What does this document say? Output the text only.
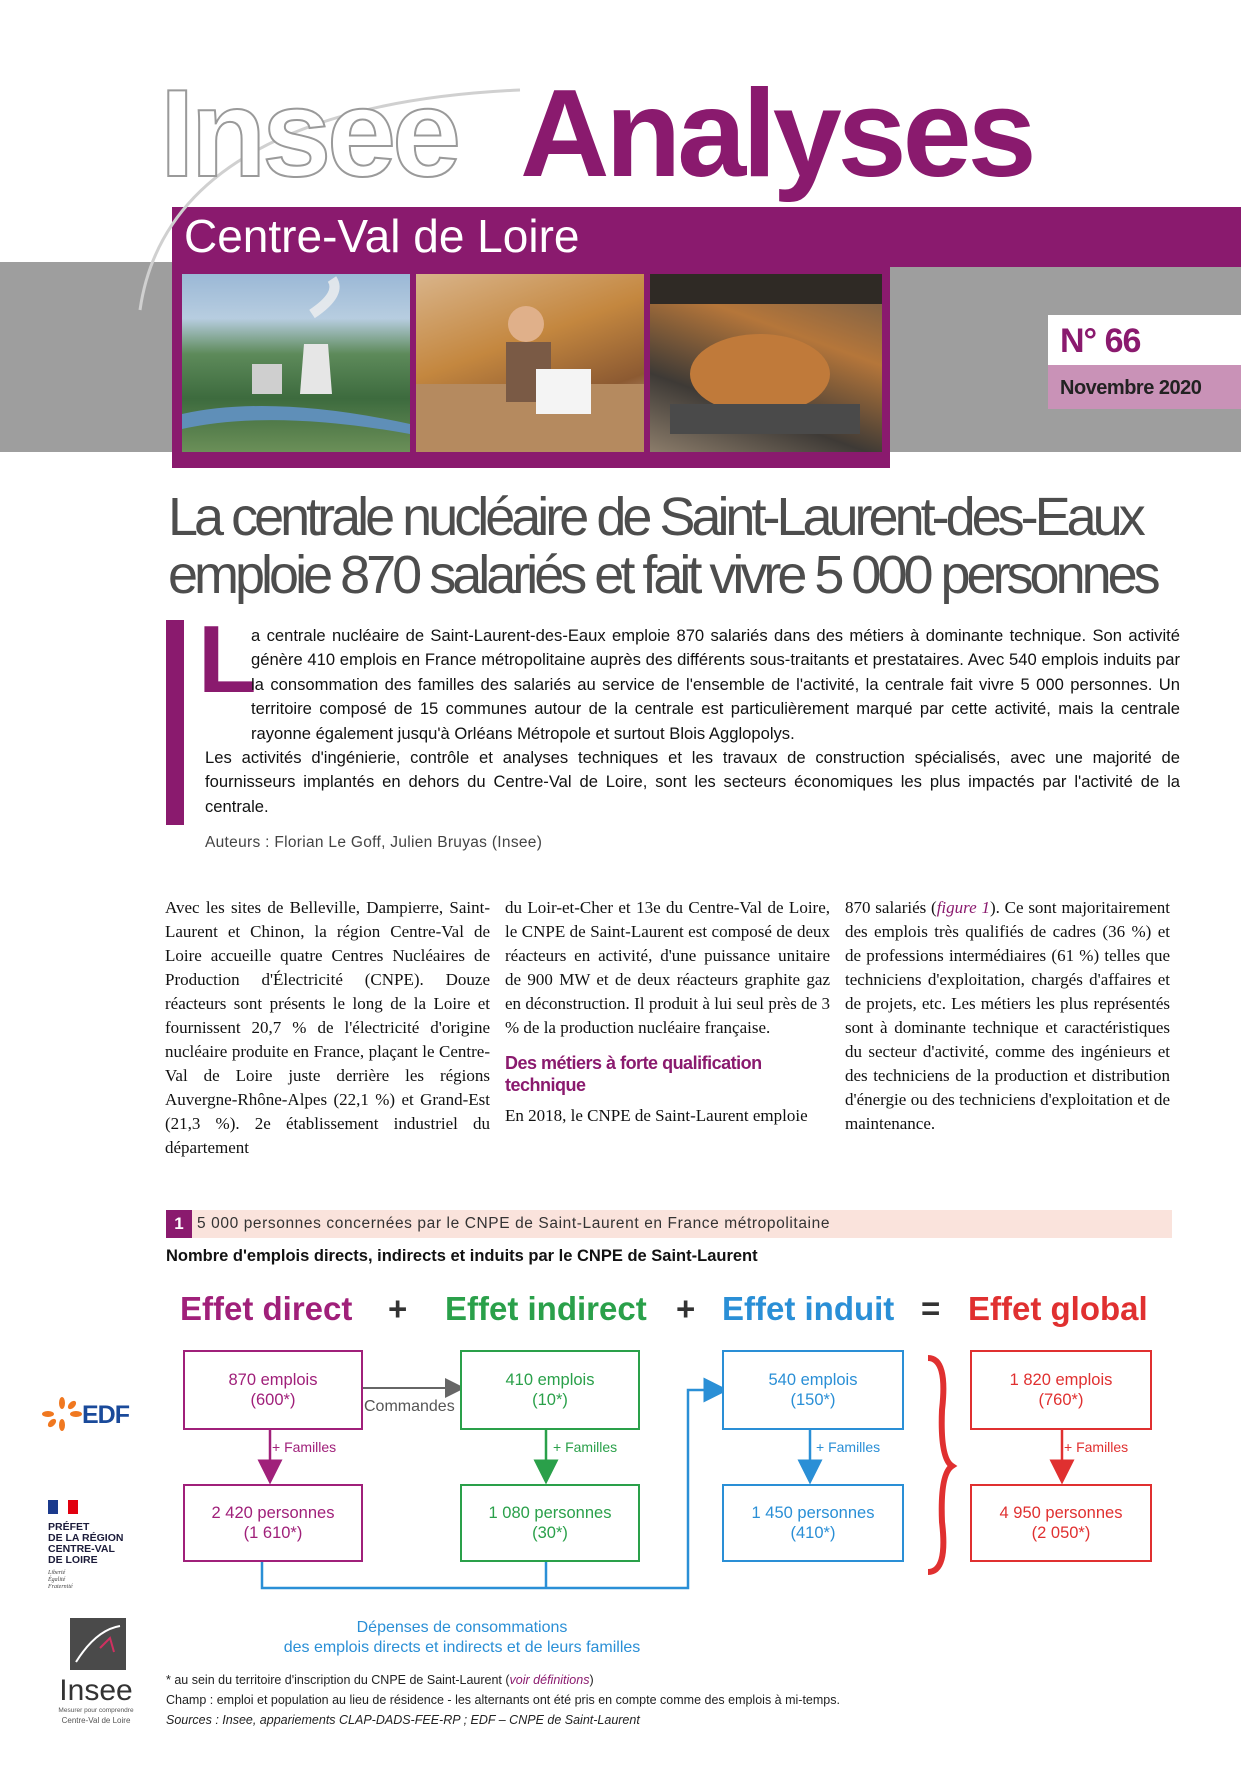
Insee Analyses
Centre-Val de Loire
N° 66
Novembre 2020
La centrale nucléaire de Saint-Laurent-des-Eaux
emploie 870 salariés et fait vivre 5 000 personnes
L
a centrale nucléaire de Saint-Laurent-des-Eaux emploie 870 salariés dans des métiers à dominante technique. Son activité génère 410 emplois en France métropolitaine auprès des différents sous-traitants et prestataires. Avec 540 emplois induits par la consommation des familles des salariés au service de l'ensemble de l'activité, la centrale fait vivre 5 000 personnes. Un territoire composé de 15 communes autour de la centrale est particulièrement marqué par cette activité, mais la centrale rayonne également jusqu'à Orléans Métropole et surtout Blois Agglopolys.
Les activités d'ingénierie, contrôle et analyses techniques et les travaux de construction spécialisés, avec une majorité de fournisseurs implantés en dehors du Centre-Val de Loire, sont les secteurs économiques les plus impactés par l'activité de la centrale.
Auteurs : Florian Le Goff, Julien Bruyas (Insee)
Avec les sites de Belleville, Dampierre, Saint-Laurent et Chinon, la région Centre-Val de Loire accueille quatre Centres Nucléaires de Production d'Électricité (CNPE). Douze réacteurs sont présents le long de la Loire et fournissent 20,7 % de l'électricité d'origine nucléaire produite en France, plaçant le Centre-Val de Loire juste derrière les régions Auvergne-Rhône-Alpes (22,1 %) et Grand-Est (21,3 %). 2e établissement industriel du département
du Loir-et-Cher et 13e du Centre-Val de Loire, le CNPE de Saint-Laurent est composé de deux réacteurs en activité, d'une puissance unitaire de 900 MW et de deux réacteurs graphite gaz en déconstruction. Il produit à lui seul près de 3 % de la production nucléaire française.
Des métiers à forte qualification technique
En 2018, le CNPE de Saint-Laurent emploie
870 salariés (figure 1). Ce sont majoritairement des emplois très qualifiés de cadres (36 %) et de professions intermédiaires (61 %) telles que techniciens d'exploitation, chargés d'affaires et de projets, etc. Les métiers les plus représentés sont à dominante technique et caractéristiques du secteur d'activité, comme des ingénieurs et des techniciens de la production et distribution d'énergie ou des techniciens d'exploitation et de maintenance.
1 5 000 personnes concernées par le CNPE de Saint-Laurent en France métropolitaine
Nombre d'emplois directs, indirects et induits par le CNPE de Saint-Laurent
Effet direct + Effet indirect + Effet induit = Effet global
870 emplois
(600*)
2 420 personnes
(1 610*)
410 emplois
(10*)
1 080 personnes
(30*)
540 emplois
(150*)
1 450 personnes
(410*)
1 820 emplois
(760*)
4 950 personnes
(2 050*)
Commandes
+ Familles	+ Familles	+ Familles	+ Familles
Dépenses de consommations
des emplois directs et indirects et de leurs familles
* au sein du territoire d'inscription du CNPE de Saint-Laurent (voir définitions)
Champ : emploi et population au lieu de résidence - les alternants ont été pris en compte comme des emplois à mi-temps.
Sources : Insee, appariements CLAP-DADS-FEE-RP ; EDF – CNPE de Saint-Laurent
EDF
PRÉFET
DE LA RÉGION
CENTRE-VAL
DE LOIRE
Liberté
Égalité
Fraternité
Insee
Mesurer pour comprendre
Centre-Val de Loire
